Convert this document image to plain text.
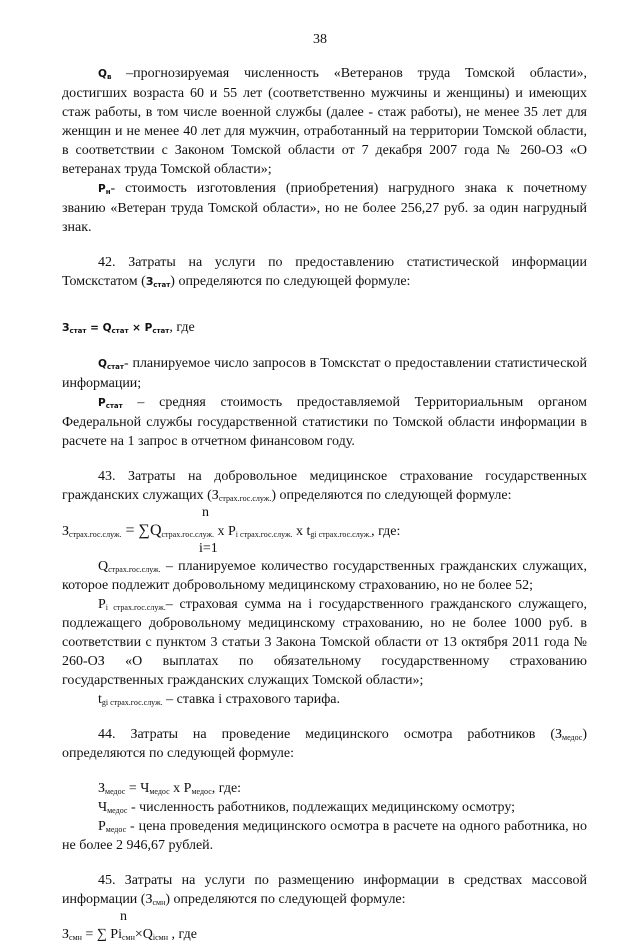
38

Qв –прогнозируемая численность «Ветеранов труда Томской области», достигших возраста 60 и 55 лет (соответственно мужчины и женщины) и имеющих стаж работы, в том числе военной службы (далее - стаж работы), не менее 35 лет для женщин и не менее 40 лет для мужчин, отработанный на территории Томской области, в соответствии с Законом Томской области от 7 декабря 2007 года № 260-ОЗ «О ветеранах труда Томской области»;

Pн- стоимость изготовления (приобретения) нагрудного знака к почетному званию «Ветеран труда Томской области», но не более 256,27 руб. за один нагрудный знак.

42. Затраты на услуги по предоставлению статистической информации Томскстатом (Зстат) определяются по следующей формуле:

Зстат = Qстат × Pстат, где

Qстат- планируемое число запросов в Томскстат о предоставлении статистической информации;

Pстат – средняя стоимость предоставляемой Территориальным органом Федеральной службы государственной статистики по Томской области информации в расчете на 1 запрос в отчетном финансовом году.

43. Затраты на добровольное медицинское страхование государственных гражданских служащих $(З_{страх.гос.служ.})$ определяются по следующей формуле:

n

$З_{страх.гос.служ.} = \sum Q_{страх.гос.служ.}$ x $P_{i страх.гос.служ.}$ x $t_{gi страх.гос.служ.}$, где:

i=1

$Q_{страх.гос.служ.}$ – планируемое количество государственных гражданских служащих, которое подлежит добровольному медицинскому страхованию, но не более 52;

$P_{i страх.гос.служ.}-$ страховая сумма на i государственного гражданского служащего, подлежащего добровольному медицинскому страхованию, но не более 1000 руб. в соответствии с пунктом 3 статьи 3 Закона Томской области от 13 октября 2011 года № 260-ОЗ «О выплатах по обязательному государственному страхованию государственных гражданских служащих Томской области»;

$t_{gi страх.гос.служ.}$ – ставка i страхового тарифа.

44. Затраты на проведение медицинского осмотра работников $(З_{медос})$ определяются по следующей формуле:

$З_{медос} = Ч_{медос}$ x $Р_{медос}$, где:

$Ч_{медос}$ - численность работников, подлежащих медицинскому осмотру;

$Р_{медос}$ - цена проведения медицинского осмотра в расчете на одного работника, но не более 2 946,67 рублей.

45. Затраты на услуги по размещению информации в средствах массовой информации $(З_{смн})$ определяются по следующей формуле:

n

$З_{смн}$ = ∑ $Pi_{смн}\times Q_{iсмн}$ , где
